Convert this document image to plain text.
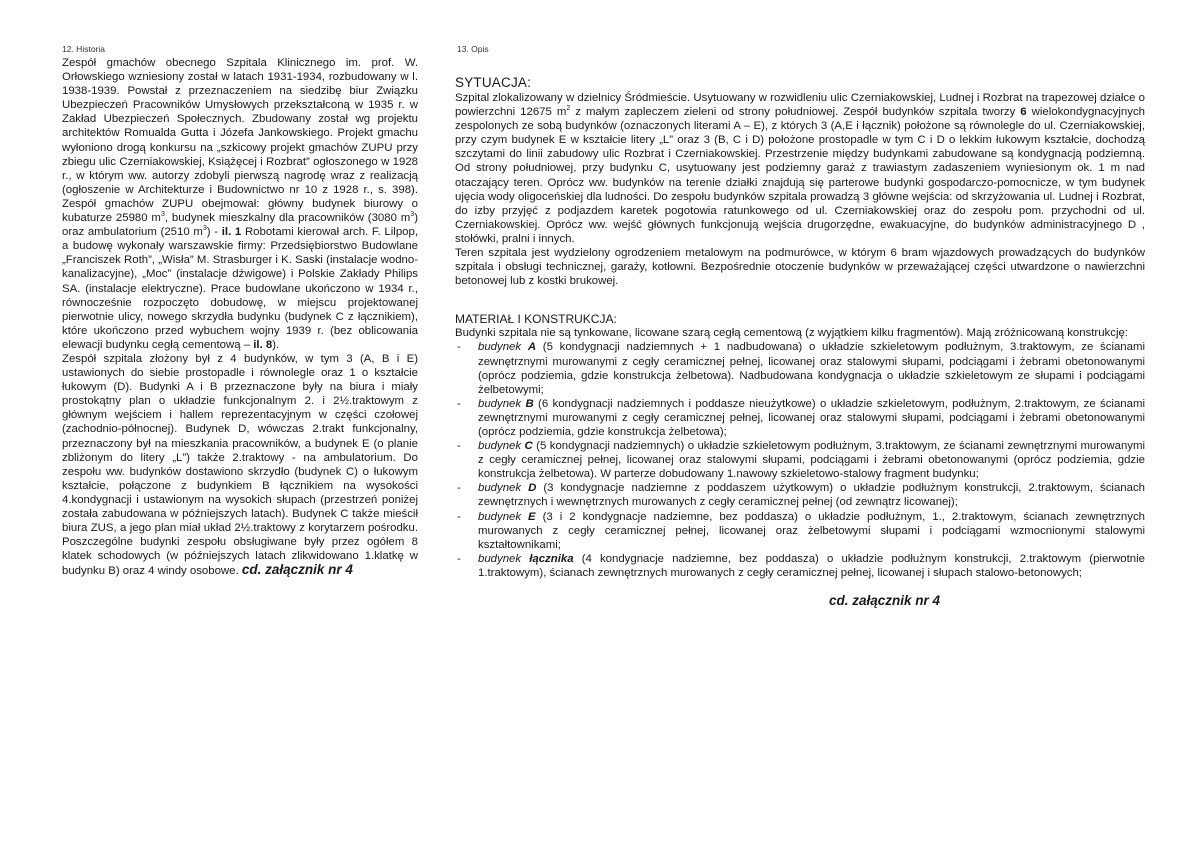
12. Historia

Zespół gmachów obecnego Szpitala Klinicznego im. prof. W. Orłowskiego wzniesiony został w latach 1931-1934, rozbudowany w l. 1938-1939. Powstał z przeznaczeniem na siedzibę biur Związku Ubezpieczeń Pracowników Umysłowych przekształconą w 1935 r. w Zakład Ubezpieczeń Społecznych. Zbudowany został wg projektu architektów Romualda Gutta i Józefa Jankowskiego. Projekt gmachu wyłoniono drogą konkursu na „szkicowy projekt gmachów ZUPU przy zbiegu ulic Czerniakowskiej, Książęcej i Rozbrat” ogłoszonego w 1928 r., w którym ww. autorzy zdobyli pierwszą nagrodę wraz z realizacją (ogłoszenie w Architekturze i Budownictwo nr 10 z 1928 r., s. 398). Zespół gmachów ZUPU obejmował: główny budynek biurowy o kubaturze 25980 $m^3$, budynek mieszkalny dla pracowników (3080 $m^3$) oraz ambulatorium (2510 $m^3$) - il. 1 Robotami kierował arch. F. Lilpop, a budowę wykonały warszawskie firmy: Przedsiębiorstwo Budowlane „Franciszek Roth”, „Wisła” M. Strasburger i K. Saski (instalacje wodno-kanalizacyjne), „Moc” (instalacje dźwigowe) i Polskie Zakłady Philips SA. (instalacje elektryczne). Prace budowlane ukończono w 1934 r., równocześnie rozpoczęto dobudowę, w miejscu projektowanej pierwotnie ulicy, nowego skrzydła budynku (budynek C z łącznikiem), które ukończono przed wybuchem wojny 1939 r. (bez oblicowania elewacji budynku cegłą cementową – il. 8).

Zespół szpitala złożony był z 4 budynków, w tym 3 (A, B i E) ustawionych do siebie prostopadle i równolegle oraz 1 o kształcie łukowym (D). Budynki A i B przeznaczone były na biura i miały prostokątny plan o układzie funkcjonalnym 2. i 2½.traktowym z głównym wejściem i hallem reprezentacyjnym w części czołowej (zachodnio-północnej). Budynek D, wówczas 2.trakt funkcjonalny, przeznaczony był na mieszkania pracowników, a budynek E (o planie zbliżonym do litery „L”) także 2.traktowy - na ambulatorium. Do zespołu ww. budynków dostawiono skrzydło (budynek C) o łukowym kształcie, połączone z budynkiem B łącznikiem na wysokości 4.kondygnacji i ustawionym na wysokich słupach (przestrzeń poniżej została zabudowana w późniejszych latach). Budynek C także mieścił biura ZUS, a jego plan miał układ 2½.traktowy z korytarzem pośrodku. Poszczególne budynki zespołu obsługiwane były przez ogółem 8 klatek schodowych (w późniejszych latach zlikwidowano 1.klatkę w budynku B) oraz 4 windy osobowe. cd. załącznik nr 4

13. Opis

SYTUACJA:

Szpital zlokalizowany w dzielnicy Śródmieście. Usytuowany w rozwidleniu ulic Czerniakowskiej, Ludnej i Rozbrat na trapezowej działce o powierzchni 12675 $m^2$ z małym zapleczem zieleni od strony południowej. Zespół budynków szpitala tworzy 6 wielokondygnacyjnych zespolonych ze sobą budynków (oznaczonych literami A – E), z których 3 (A,E i łącznik) położone są równolegle do ul. Czerniakowskiej, przy czym budynek E w kształcie litery „L” oraz 3 (B, C i D) położone prostopadle w tym C i D o lekkim łukowym kształcie, dochodzą szczytami do linii zabudowy ulic Rozbrat i Czerniakowskiej. Przestrzenie między budynkami zabudowane są kondygnacją podziemną. Od strony południowej, przy budynku C, usytuowany jest podziemny garaż z trawiastym zadaszeniem wyniesionym ok. 1 m nad otaczający teren. Oprócz ww. budynków na terenie działki znajdują się parterowe budynki gospodarczo-pomocnicze, w tym budynek ujęcia wody oligoceńskiej dla ludności. Do zespołu budynków szpitala prowadzą 3 główne wejścia: od skrzyżowania ul. Ludnej i Rozbrat, do izby przyjęć z podjazdem karetek pogotowia ratunkowego od ul. Czerniakowskiej oraz do zespołu pom. przychodni od ul. Czerniakowskiej. Oprócz ww. wejść głównych funkcjonują wejścia drugorzędne, ewakuacyjne, do budynków administracyjnego D , stołówki, pralni i innych.

Teren szpitala jest wydzielony ogrodzeniem metalowym na podmurówce, w którym 6 bram wjazdowych prowadzących do budynków szpitala i obsługi technicznej, garaży, kotłowni. Bezpośrednie otoczenie budynków w przeważającej części utwardzone o nawierzchni betonowej lub z kostki brukowej.

MATERIAŁ I KONSTRUKCJA:

Budynki szpitala nie są tynkowane, licowane szarą cegłą cementową (z wyjątkiem kilku fragmentów). Mają zróżnicowaną konstrukcję:

- budynek A (5 kondygnacji nadziemnych + 1 nadbudowana) o układzie szkieletowym podłużnym, 3.traktowym, ze ścianami zewnętrznymi murowanymi z cegły ceramicznej pełnej, licowanej oraz stalowymi słupami, podciągami i żebrami obetonowanymi (oprócz podziemia, gdzie konstrukcja żelbetowa). Nadbudowana kondygnacja o układzie szkieletowym ze słupami i podciągami żelbetowymi;
- budynek B (6 kondygnacji nadziemnych i poddasze nieużytkowe) o układzie szkieletowym, podłużnym, 2.traktowym, ze ścianami zewnętrznymi murowanymi z cegły ceramicznej pełnej, licowanej oraz stalowymi słupami, podciągami i żebrami obetonowanymi (oprócz podziemia, gdzie konstrukcja żelbetowa);
- budynek C (5 kondygnacji nadziemnych) o układzie szkieletowym podłużnym, 3.traktowym, ze ścianami zewnętrznymi murowanymi z cegły ceramicznej pełnej, licowanej oraz stalowymi słupami, podciągami i żebrami obetonowanymi (oprócz podziemia, gdzie konstrukcja żelbetowa). W parterze dobudowany 1.nawowy szkieletowo-stalowy fragment budynku;
- budynek D (3 kondygnacje nadziemne z poddaszem użytkowym) o układzie podłużnym konstrukcji, 2.traktowym, ścianach zewnętrznych i wewnętrznych murowanych z cegły ceramicznej pełnej (od zewnątrz licowanej);
- budynek E (3 i 2 kondygnacje nadziemne, bez poddasza) o układzie podłużnym, 1., 2.traktowym, ścianach zewnętrznych murowanych z cegły ceramicznej pełnej, licowanej oraz żelbetowymi słupami i podciągami wzmocnionymi stalowymi kształtownikami;
- budynek łącznika (4 kondygnacje nadziemne, bez poddasza) o układzie podłużnym konstrukcji, 2.traktowym (pierwotnie 1.traktowym), ścianach zewnętrznych murowanych z cegły ceramicznej pełnej, licowanej i słupach stalowo-betonowych;
cd. załącznik nr 4
